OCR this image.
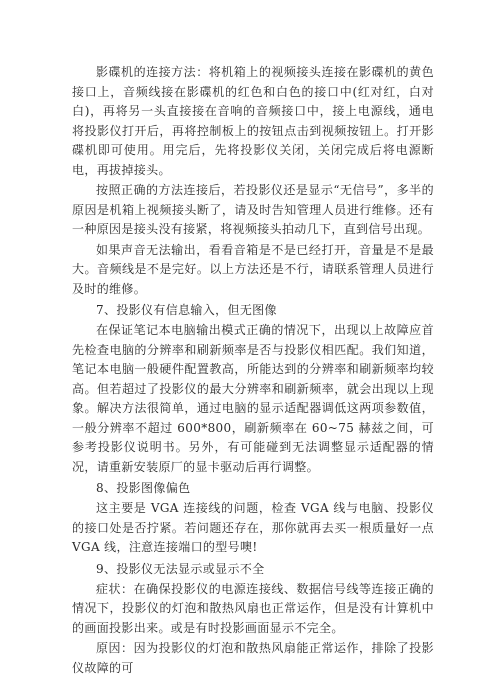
影碟机的连接方法：将机箱上的视频接头连接在影碟机的黄色接口上，音频线接在影碟机的红色和白色的接口中(红对红，白对白)，再将另一头直接接在音响的音频接口中，接上电源线，通电将投影仪打开后，再将控制板上的按钮点击到视频按钮上。打开影碟机即可使用。用完后，先将投影仪关闭，关闭完成后将电源断电，再拔掉接头。

按照正确的方法连接后，若投影仪还是显示“无信号”，多半的原因是机箱上视频接头断了，请及时告知管理人员进行维修。还有一种原因是接头没有接紧，将视频接头拍动几下，直到信号出现。

如果声音无法输出，看看音箱是不是已经打开，音量是不是最大。音频线是不是完好。以上方法还是不行，请联系管理人员进行及时的维修。

7、投影仪有信息输入，但无图像

在保证笔记本电脑输出模式正确的情况下，出现以上故障应首先检查电脑的分辨率和刷新频率是否与投影仪相匹配。我们知道，笔记本电脑一般硬件配置教高，所能达到的分辨率和刷新频率均较高。但若超过了投影仪的最大分辨率和刷新频率，就会出现以上现象。解决方法很简单，通过电脑的显示适配器调低这两项参数值，一般分辨率不超过 600*800，刷新频率在 60~75 赫兹之间，可参考投影仪说明书。另外，有可能碰到无法调整显示适配器的情况，请重新安装原厂的显卡驱动后再行调整。

8、投影图像偏色

这主要是 VGA 连接线的问题，检查 VGA 线与电脑、投影仪的接口处是否拧紧。若问题还存在，那你就再去买一根质量好一点 VGA 线，注意连接端口的型号噢!

9、投影仪无法显示或显示不全

症状：在确保投影仪的电源连接线、数据信号线等连接正确的情况下，投影仪的灯泡和散热风扇也正常运作，但是没有计算机中的画面投影出来。或是有时投影画面显示不完全。

原因：因为投影仪的灯泡和散热风扇能正常运作，排除了投影仪故障的可
